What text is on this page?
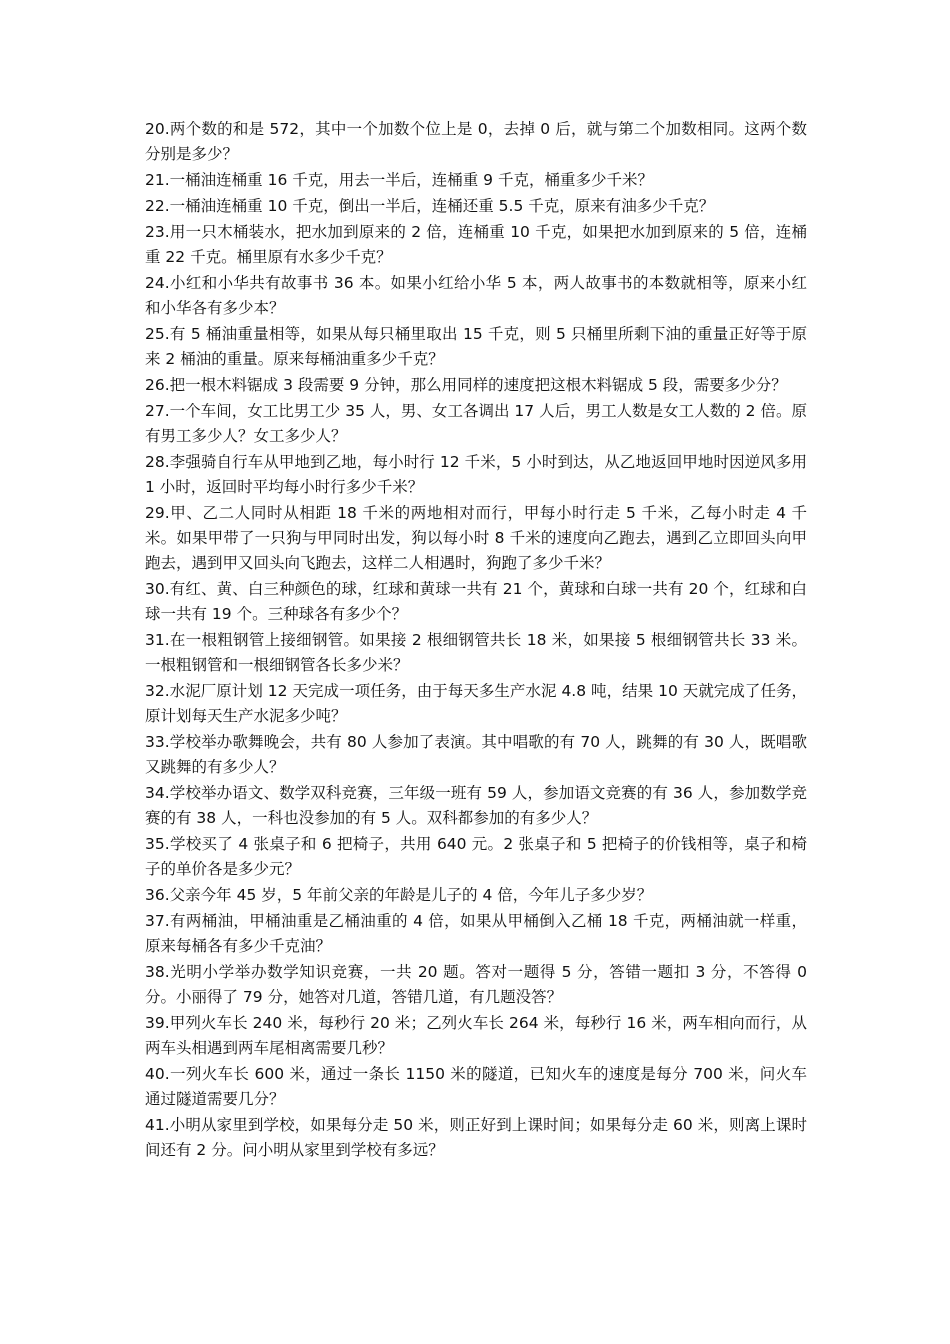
20.两个数的和是 572，其中一个加数个位上是 0，去掉 0 后，就与第二个加数相同。这两个数分别是多少？

21.一桶油连桶重 16 千克，用去一半后，连桶重 9 千克，桶重多少千米？

22.一桶油连桶重 10 千克，倒出一半后，连桶还重 5.5 千克，原来有油多少千克？

23.用一只木桶装水，把水加到原来的 2 倍，连桶重 10 千克，如果把水加到原来的 5 倍，连桶重 22 千克。桶里原有水多少千克？

24.小红和小华共有故事书 36 本。如果小红给小华 5 本，两人故事书的本数就相等，原来小红和小华各有多少本？

25.有 5 桶油重量相等，如果从每只桶里取出 15 千克，则 5 只桶里所剩下油的重量正好等于原来 2 桶油的重量。原来每桶油重多少千克？

26.把一根木料锯成 3 段需要 9 分钟，那么用同样的速度把这根木料锯成 5 段，需要多少分？

27.一个车间，女工比男工少 35 人，男、女工各调出 17 人后，男工人数是女工人数的 2 倍。原有男工多少人？女工多少人？

28.李强骑自行车从甲地到乙地，每小时行 12 千米，5 小时到达，从乙地返回甲地时因逆风多用 1 小时，返回时平均每小时行多少千米？

29.甲、乙二人同时从相距 18 千米的两地相对而行，甲每小时行走 5 千米，乙每小时走 4 千米。如果甲带了一只狗与甲同时出发，狗以每小时 8 千米的速度向乙跑去，遇到乙立即回头向甲跑去，遇到甲又回头向飞跑去，这样二人相遇时，狗跑了多少千米？

30.有红、黄、白三种颜色的球，红球和黄球一共有 21 个，黄球和白球一共有 20 个，红球和白球一共有 19 个。三种球各有多少个？

31.在一根粗钢管上接细钢管。如果接 2 根细钢管共长 18 米，如果接 5 根细钢管共长 33 米。一根粗钢管和一根细钢管各长多少米？

32.水泥厂原计划 12 天完成一项任务，由于每天多生产水泥 4.8 吨，结果 10 天就完成了任务，原计划每天生产水泥多少吨？

33.学校举办歌舞晚会，共有 80 人参加了表演。其中唱歌的有 70 人，跳舞的有 30 人，既唱歌又跳舞的有多少人？

34.学校举办语文、数学双科竞赛，三年级一班有 59 人，参加语文竞赛的有 36 人，参加数学竞赛的有 38 人，一科也没参加的有 5 人。双科都参加的有多少人？

35.学校买了 4 张桌子和 6 把椅子，共用 640 元。2 张桌子和 5 把椅子的价钱相等，桌子和椅子的单价各是多少元？

36.父亲今年 45 岁，5 年前父亲的年龄是儿子的 4 倍，今年儿子多少岁？

37.有两桶油，甲桶油重是乙桶油重的 4 倍，如果从甲桶倒入乙桶 18 千克，两桶油就一样重，原来每桶各有多少千克油？

38.光明小学举办数学知识竞赛，一共 20 题。答对一题得 5 分，答错一题扣 3 分，不答得 0 分。小丽得了 79 分，她答对几道，答错几道，有几题没答？

39.甲列火车长 240 米，每秒行 20 米；乙列火车长 264 米，每秒行 16 米，两车相向而行，从两车头相遇到两车尾相离需要几秒？

40.一列火车长 600 米，通过一条长 1150 米的隧道，已知火车的速度是每分 700 米，问火车通过隧道需要几分？

41.小明从家里到学校，如果每分走 50 米，则正好到上课时间；如果每分走 60 米，则离上课时间还有 2 分。问小明从家里到学校有多远？
